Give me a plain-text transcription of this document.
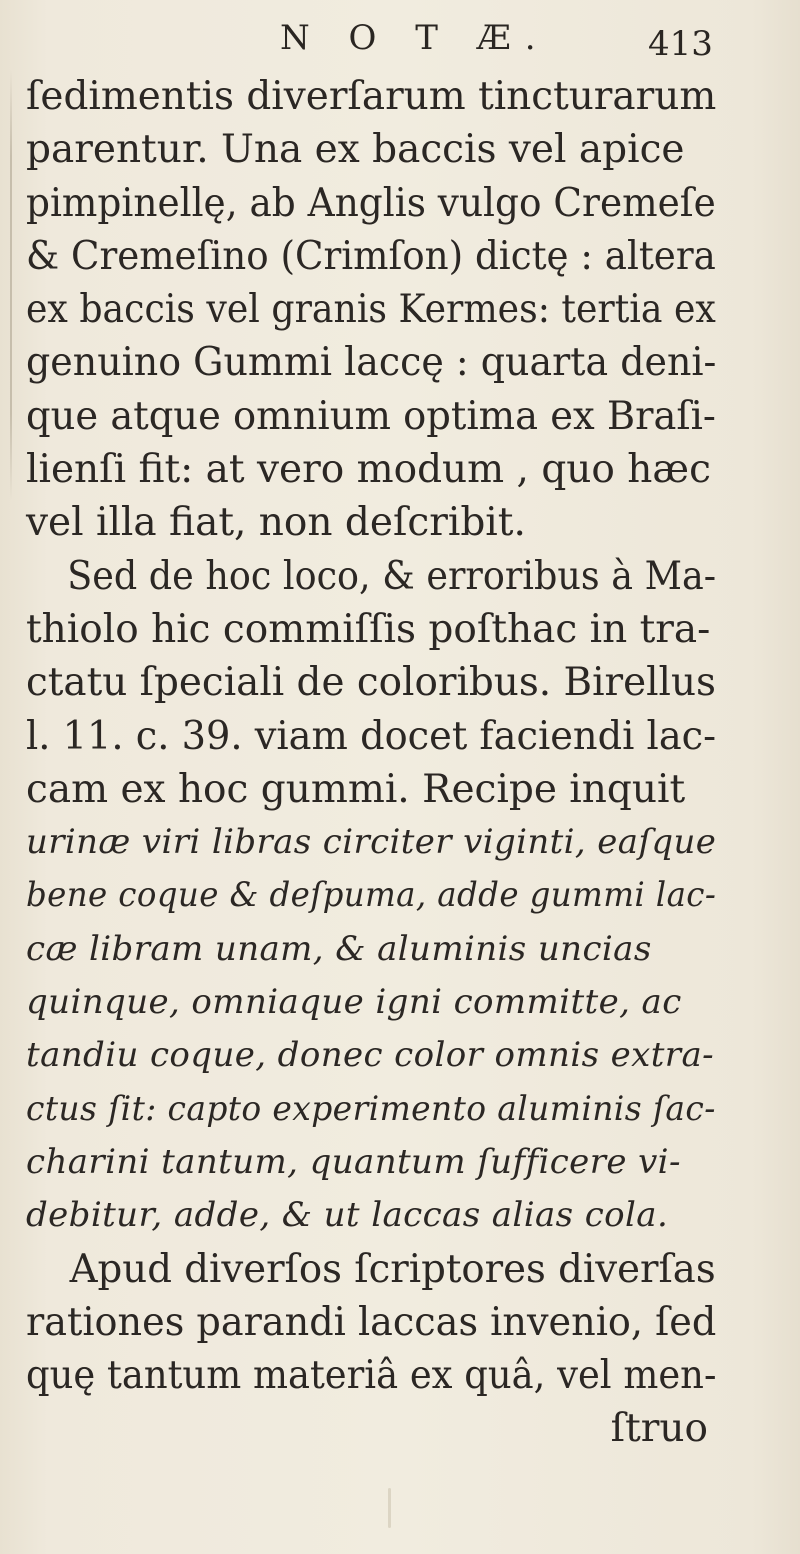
N O T Æ.	413
ſedimentis diverſarum tincturarum
parentur. Una ex baccis vel apice
pimpinellę, ab Anglis vulgo Cremeſe
& Cremeſino (Crimſon) dictę : altera
ex baccis vel granis Kermes: tertia ex
genuino Gummi laccę : quarta deni-
que atque omnium optima ex Braſi-
lienſi fit: at vero modum , quo hæc
vel illa fiat, non deſcribit.
Sed de hoc loco, & erroribus à Ma-
thiolo hic commiſſis poſthac in tra-
ctatu ſpeciali de coloribus. Birellus
l. 11. c. 39. viam docet faciendi lac-
cam ex hoc gummi. Recipe inquit
urinæ viri libras circiter viginti, eaſque
bene coque & deſpuma, adde gummi lac-
cæ libram unam, & aluminis uncias
quinque, omniaque igni committe, ac
tandiu coque, donec color omnis extra-
ctus ſit: capto experimento aluminis ſac-
charini tantum, quantum ſufficere vi-
debitur, adde, & ut laccas alias cola.
Apud diverſos ſcriptores diverſas
rationes parandi laccas invenio, ſed
quę tantum materiâ ex quâ, vel men-
ſtruo
